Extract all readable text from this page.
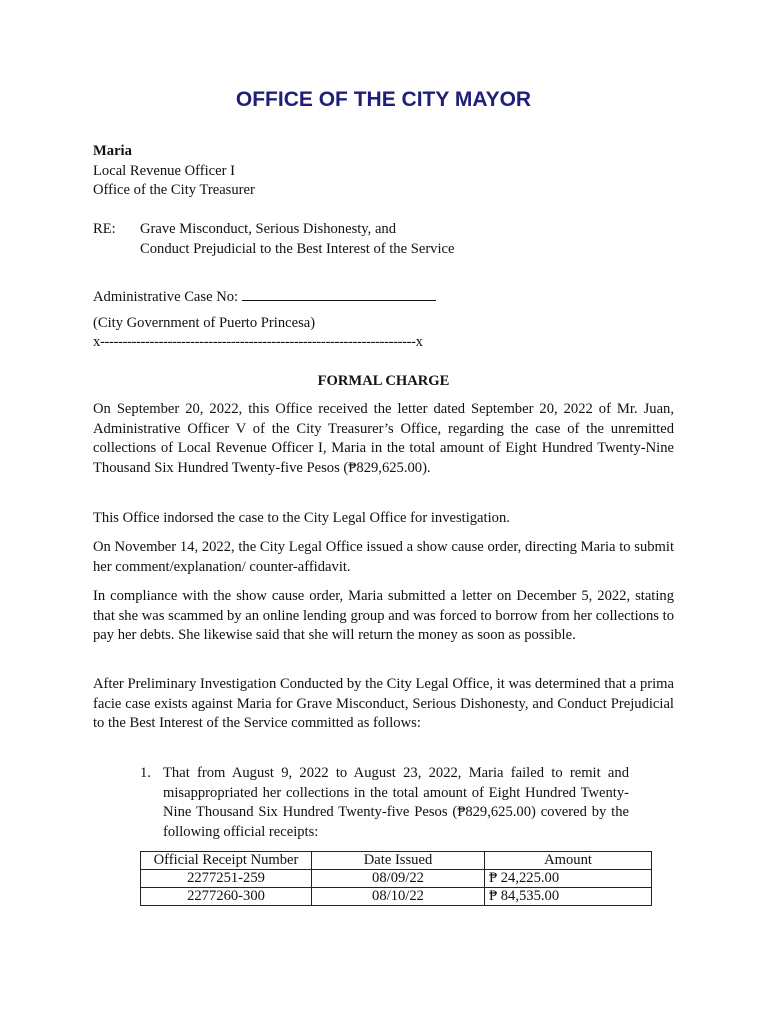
OFFICE OF THE CITY MAYOR
Maria
Local Revenue Officer I
Office of the City Treasurer
RE: Grave Misconduct, Serious Dishonesty, and
Conduct Prejudicial to the Best Interest of the Service
Administrative Case No:
(City Government of Puerto Princesa)
x----------------------------------------------------------------------x
FORMAL CHARGE

On September 20, 2022, this Office received the letter dated September 20, 2022 of Mr. Juan, Administrative Officer V of the City Treasurer’s Office, regarding the case of the unremitted collections of Local Revenue Officer I, Maria in the total amount of Eight Hundred Twenty-Nine Thousand Six Hundred Twenty-five Pesos (₱829,625.00).

This Office indorsed the case to the City Legal Office for investigation.

On November 14, 2022, the City Legal Office issued a show cause order, directing Maria to submit her comment/explanation/ counter-affidavit.

In compliance with the show cause order, Maria submitted a letter on December 5, 2022, stating that she was scammed by an online lending group and was forced to borrow from her collections to pay her debts. She likewise said that she will return the money as soon as possible.

After Preliminary Investigation Conducted by the City Legal Office, it was determined that a prima facie case exists against Maria for Grave Misconduct, Serious Dishonesty, and Conduct Prejudicial to the Best Interest of the Service committed as follows:

1. That from August 9, 2022 to August 23, 2022, Maria failed to remit and misappropriated her collections in the total amount of Eight Hundred Twenty-Nine Thousand Six Hundred Twenty-five Pesos (₱829,625.00) covered by the following official receipts:

Official Receipt Number	Date Issued	Amount
2277251-259	08/09/22	₱ 24,225.00
2277260-300	08/10/22	₱ 84,535.00
